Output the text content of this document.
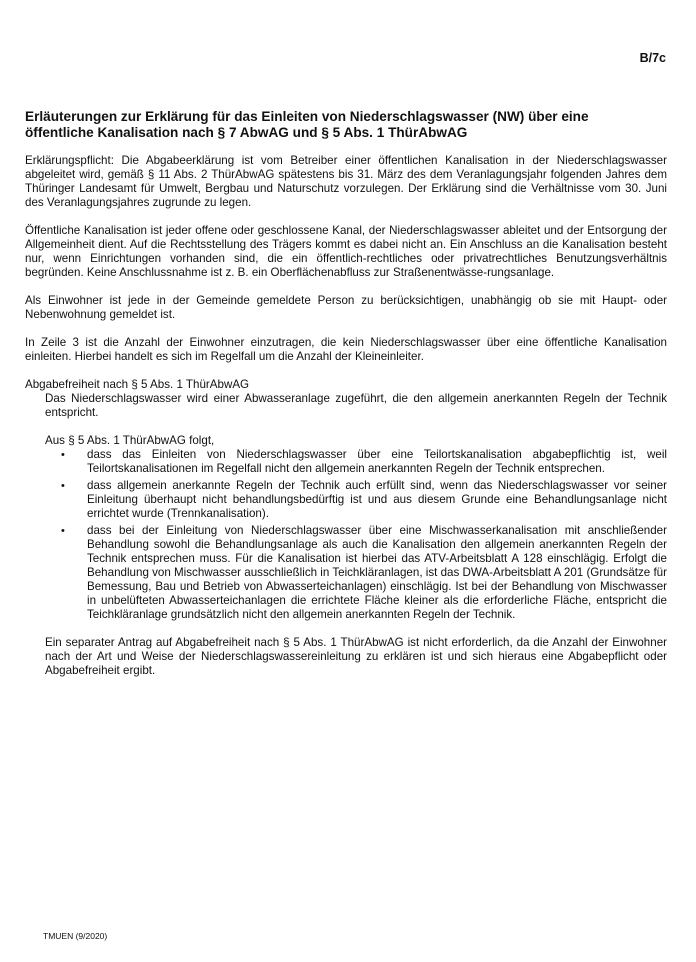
B/7c
Erläuterungen zur Erklärung für das Einleiten von Niederschlagswasser (NW) über eine öffentliche Kanalisation nach § 7 AbwAG und § 5 Abs. 1 ThürAbwAG

Erklärungspflicht: Die Abgabeerklärung ist vom Betreiber einer öffentlichen Kanalisation in der Niederschlagswasser abgeleitet wird, gemäß § 11 Abs. 2 ThürAbwAG spätestens bis 31. März des dem Veranlagungsjahr folgenden Jahres dem Thüringer Landesamt für Umwelt, Bergbau und Naturschutz vorzulegen. Der Erklärung sind die Verhältnisse vom 30. Juni des Veranlagungsjahres zugrunde zu legen.

Öffentliche Kanalisation ist jeder offene oder geschlossene Kanal, der Niederschlagswasser ableitet und der Entsorgung der Allgemeinheit dient. Auf die Rechtsstellung des Trägers kommt es dabei nicht an. Ein Anschluss an die Kanalisation besteht nur, wenn Einrichtungen vorhanden sind, die ein öffentlich-rechtliches oder privatrechtliches Benutzungsverhältnis begründen. Keine Anschlussnahme ist z. B. ein Oberflächenabfluss zur Straßenentwässe-rungsanlage.

Als Einwohner ist jede in der Gemeinde gemeldete Person zu berücksichtigen, unabhängig ob sie mit Haupt- oder Nebenwohnung gemeldet ist.

In Zeile 3 ist die Anzahl der Einwohner einzutragen, die kein Niederschlagswasser über eine öffentliche Kanalisation einleiten. Hierbei handelt es sich im Regelfall um die Anzahl der Kleineinleiter.

Abgabefreiheit nach § 5 Abs. 1 ThürAbwAG

Das Niederschlagswasser wird einer Abwasseranlage zugeführt, die den allgemein anerkannten Regeln der Technik entspricht.

Aus § 5 Abs. 1 ThürAbwAG folgt,

• dass das Einleiten von Niederschlagswasser über eine Teilortskanalisation abgabepflichtig ist, weil Teilortskanalisationen im Regelfall nicht den allgemein anerkannten Regeln der Technik entsprechen.
• dass allgemein anerkannte Regeln der Technik auch erfüllt sind, wenn das Niederschlagswasser vor seiner Einleitung überhaupt nicht behandlungsbedürftig ist und aus diesem Grunde eine Behandlungsanlage nicht errichtet wurde (Trennkanalisation).
• dass bei der Einleitung von Niederschlagswasser über eine Mischwasserkanalisation mit anschließender Behandlung sowohl die Behandlungsanlage als auch die Kanalisation den allgemein anerkannten Regeln der Technik entsprechen muss. Für die Kanalisation ist hierbei das ATV-Arbeitsblatt A 128 einschlägig. Erfolgt die Behandlung von Mischwasser ausschließlich in Teichkläranlagen, ist das DWA-Arbeitsblatt A 201 (Grundsätze für Bemessung, Bau und Betrieb von Abwasserteichanlagen) einschlägig. Ist bei der Behandlung von Mischwasser in unbelüfteten Abwasserteichanlagen die errichtete Fläche kleiner als die erforderliche Fläche, entspricht die Teichkläranlage grundsätzlich nicht den allgemein anerkannten Regeln der Technik.

Ein separater Antrag auf Abgabefreiheit nach § 5 Abs. 1 ThürAbwAG ist nicht erforderlich, da die Anzahl der Einwohner nach der Art und Weise der Niederschlagswassereinleitung zu erklären ist und sich hieraus eine Abgabepflicht oder Abgabefreiheit ergibt.

TMUEN (9/2020)
